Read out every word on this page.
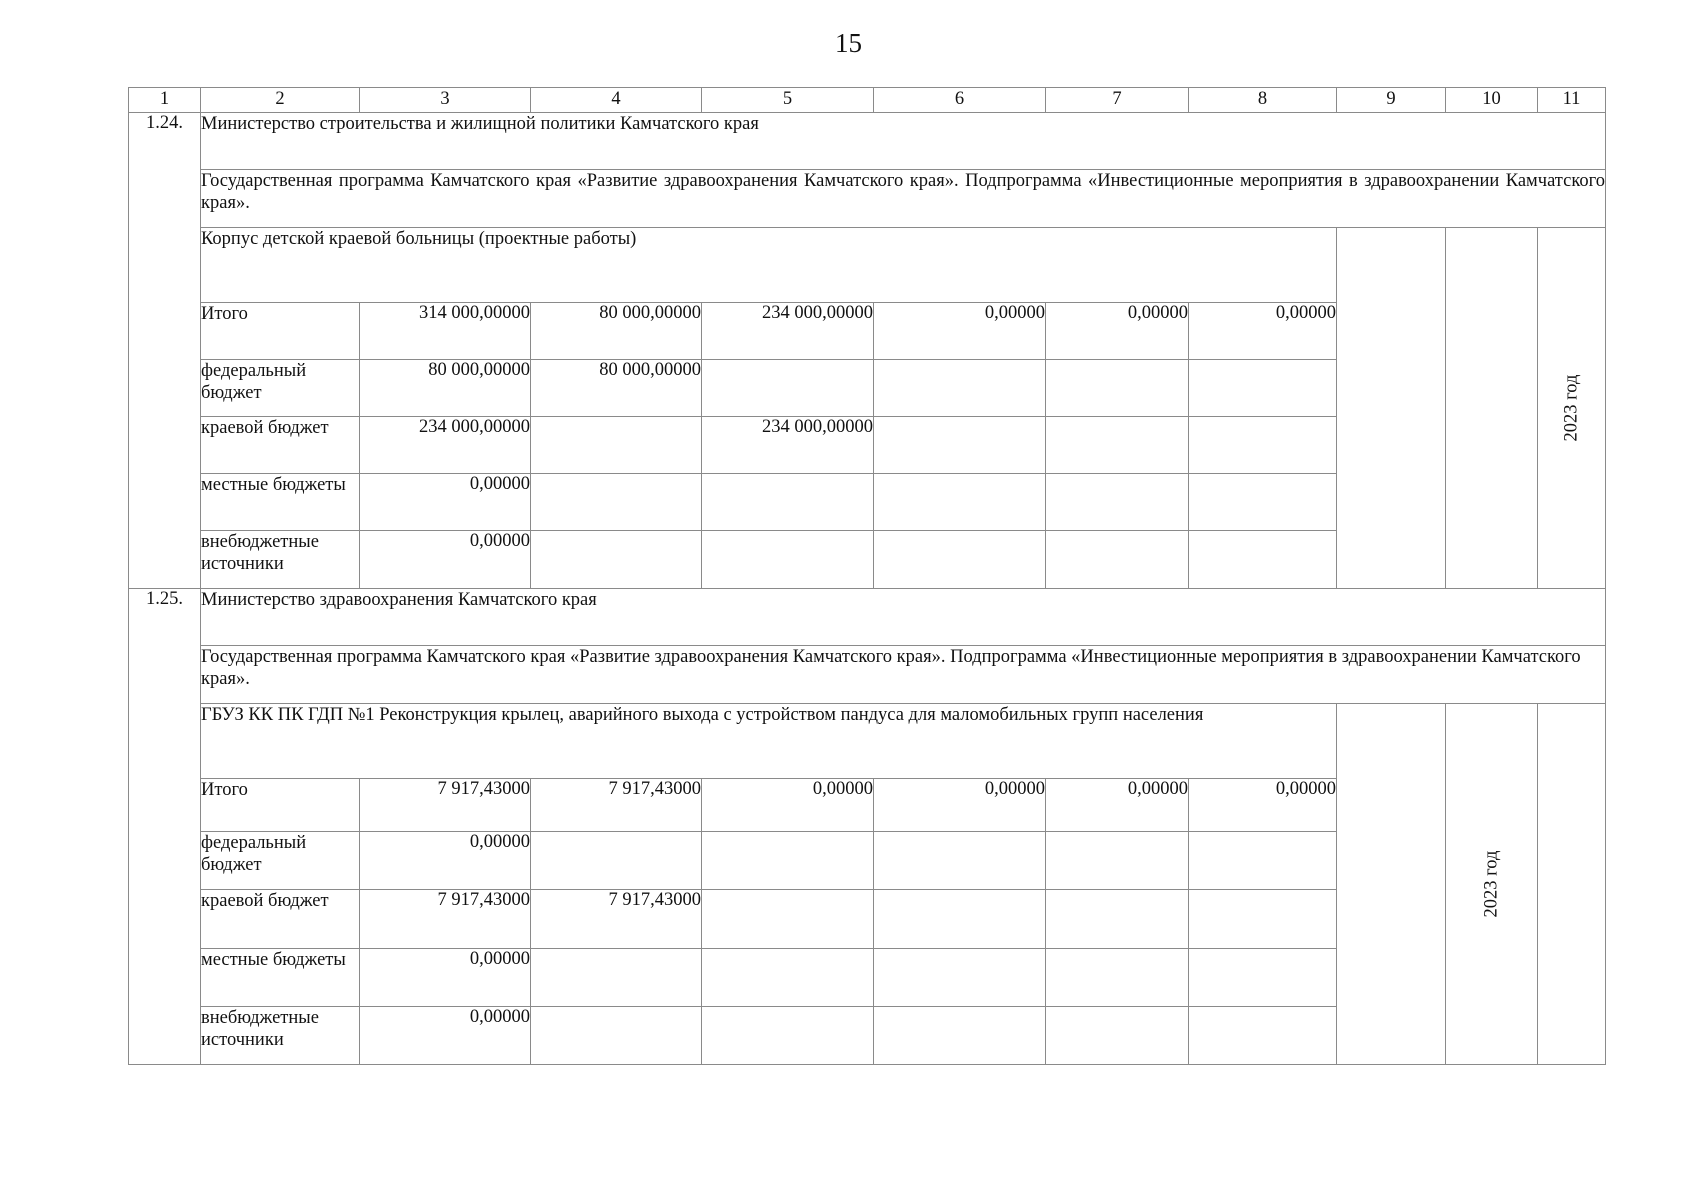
15
1	2	3	4	5	6	7	8	9	10	11
1.24.	Министерство строительства и жилищной политики Камчатского края									
	Государственная программа Камчатского края «Развитие здравоохранения Камчатского края». Подпрограмма «Инвестиционные мероприятия в здравоохранении Камчатского края».									
	Корпус детской краевой больницы (проектные работы)									2023 год

	Итого	314 000,00000	80 000,00000	234 000,00000	0,00000	0,00000	0,00000			
	федеральный бюджет	80 000,00000	80 000,00000							
	краевой бюджет	234 000,00000		234 000,00000						
	местные бюджеты	0,00000								
	внебюджетные источники	0,00000								
1.25.	Министерство здравоохранения Камчатского края									
	Государственная программа Камчатского края «Развитие здравоохранения Камчатского края». Подпрограмма «Инвестиционные мероприятия в здравоохранении Камчатского края».									
	ГБУЗ КК ПК ГДП №1 Реконструкция крылец, аварийного выхода с устройством пандуса для маломобильных групп населения								2023 год	

	Итого	7 917,43000	7 917,43000	0,00000	0,00000	0,00000	0,00000			
	федеральный бюджет	0,00000								
	краевой бюджет	7 917,43000	7 917,43000							
	местные бюджеты	0,00000								
	внебюджетные источники	0,00000								
